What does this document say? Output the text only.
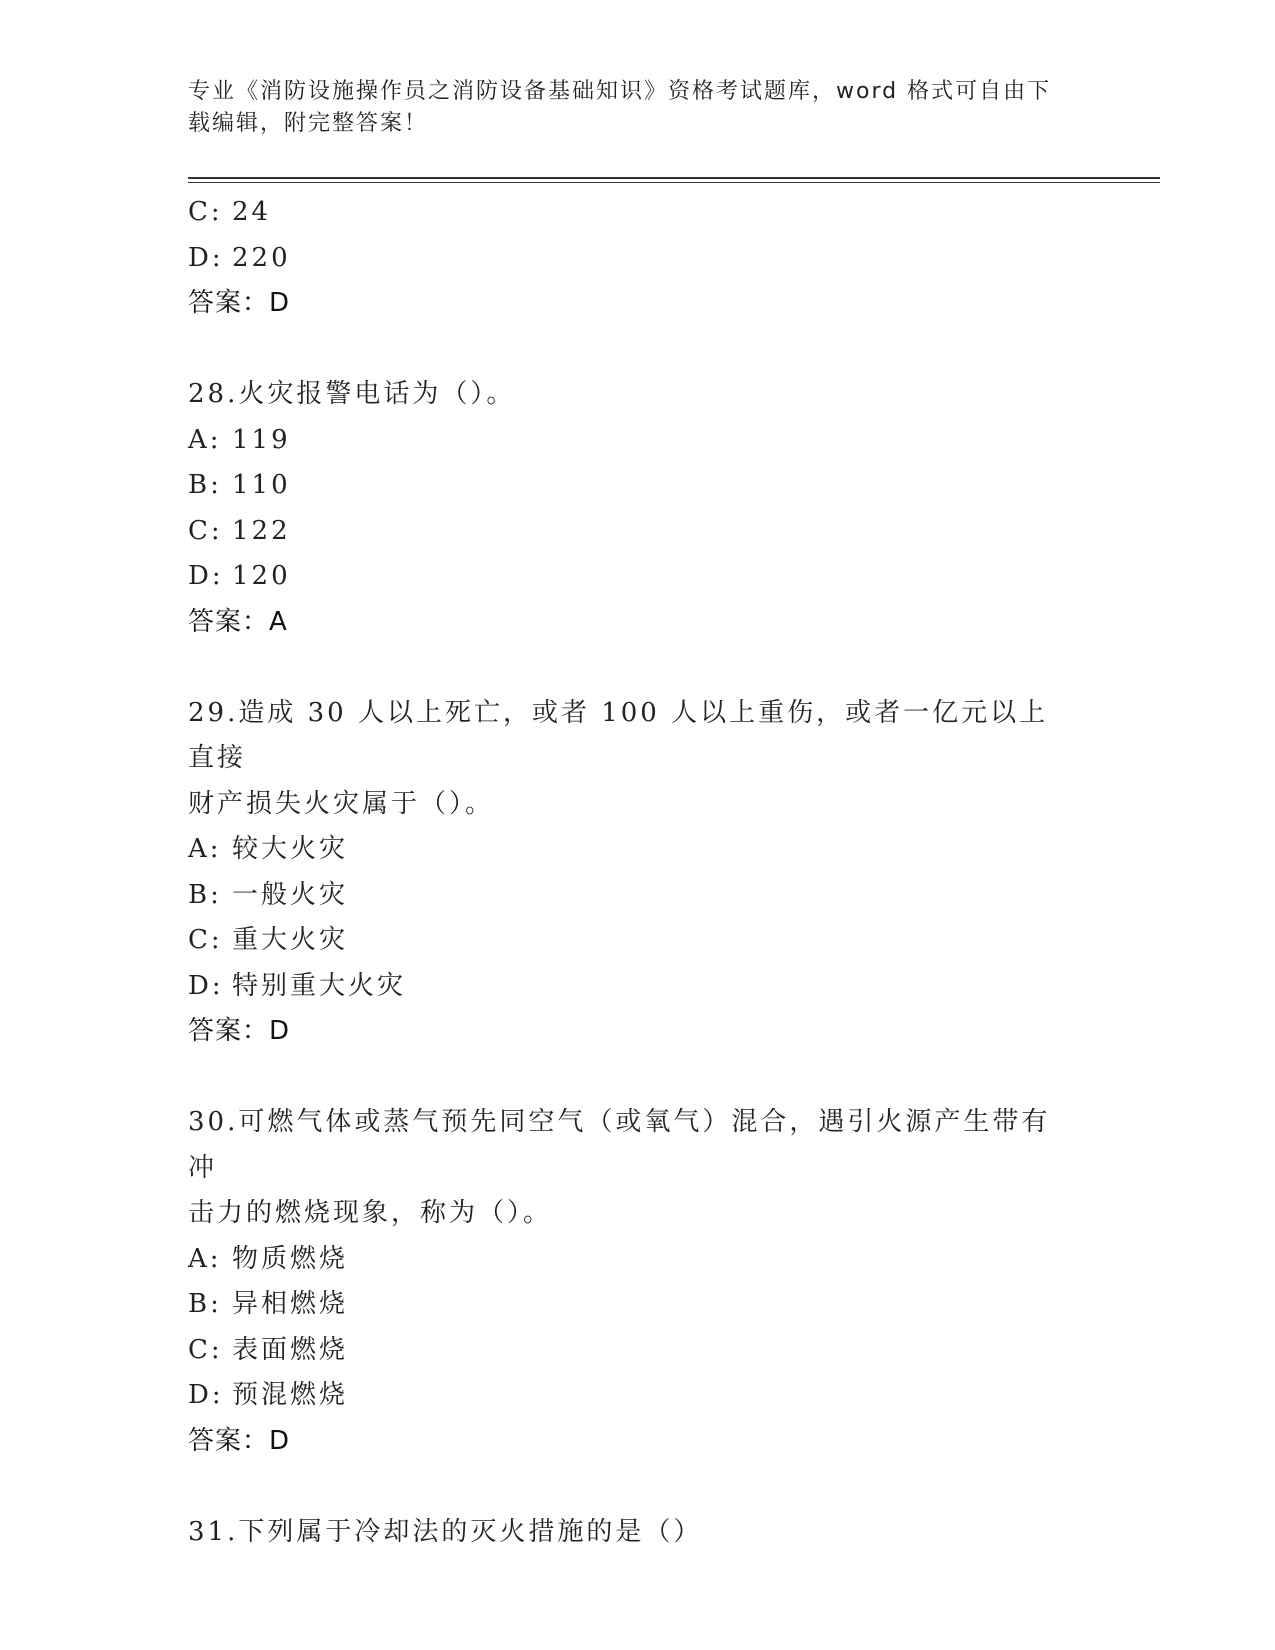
专业《消防设施操作员之消防设备基础知识》资格考试题库，word 格式可自由下
载编辑，附完整答案！
C: 24
D: 220
答案：D
28.火灾报警电话为（）。
A: 119
B: 110
C: 122
D: 120
答案：A
29.造成 30 人以上死亡，或者 100 人以上重伤，或者一亿元以上直接
财产损失火灾属于（）。
A: 较大火灾
B: 一般火灾
C: 重大火灾
D: 特别重大火灾
答案：D
30.可燃气体或蒸气预先同空气（或氧气）混合，遇引火源产生带有冲
击力的燃烧现象，称为（）。
A: 物质燃烧
B: 异相燃烧
C: 表面燃烧
D: 预混燃烧
答案：D
31.下列属于冷却法的灭火措施的是（）
